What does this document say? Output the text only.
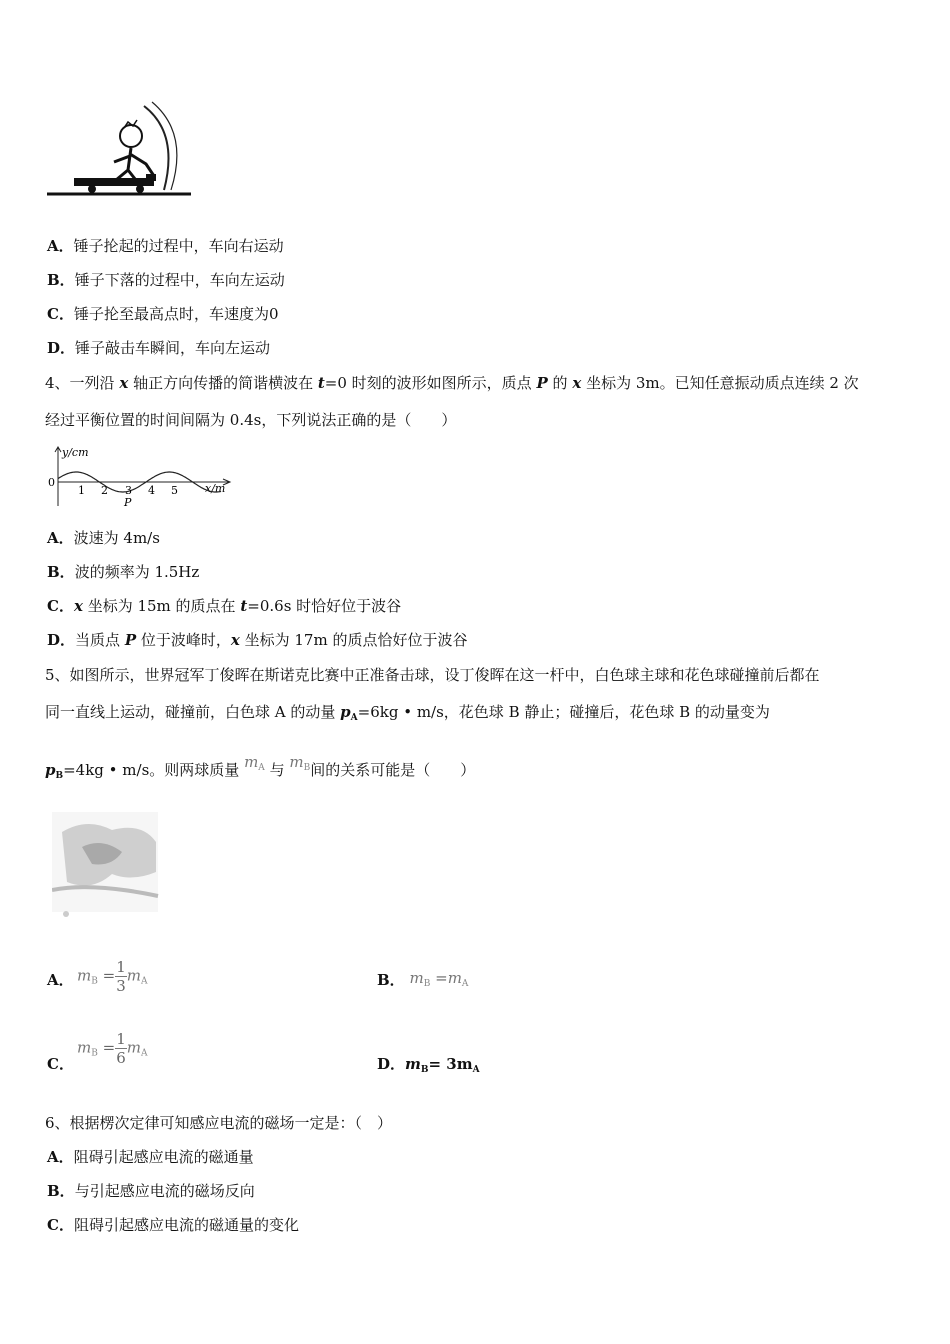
A．锤子抡起的过程中，车向右运动
B．锤子下落的过程中，车向左运动
C．锤子抡至最高点时，车速度为0
D．锤子敲击车瞬间，车向左运动
4、一列沿 x 轴正方向传播的简谐横波在 t=0 时刻的波形如图所示，质点 P 的 x 坐标为 3m。已知任意振动质点连续 2 次
经过平衡位置的时间间隔为 0.4s，下列说法正确的是（　　）
y/cm
x/m
0
1 2 3 4 5
P
A．波速为 4m/s
B．波的频率为 1.5Hz
C．x 坐标为 15m 的质点在 t=0.6s 时恰好位于波谷
D．当质点 P 位于波峰时，x 坐标为 17m 的质点恰好位于波谷
5、如图所示，世界冠军丁俊晖在斯诺克比赛中正准备击球，设丁俊晖在这一杆中，白色球主球和花色球碰撞前后都在
同一直线上运动，碰撞前，白色球 A 的动量 $p_A=6kg$ • m/s，花色球 B 静止；碰撞后，花色球 B 的动量变为
$p_B=4kg$ • m/s。则两球质量 $m_A$ 与 $m_B$间的关系可能是（　　）
A． $m_B = \frac{1}{3} m_A$	B． $m_B =m_A$
C．
$m_B = \frac{1}{6} m_A$
D．$m_B= 3m_A$
6、根据楞次定律可知感应电流的磁场一定是：（　）
A．阻碍引起感应电流的磁通量
B．与引起感应电流的磁场反向
C．阻碍引起感应电流的磁通量的变化
